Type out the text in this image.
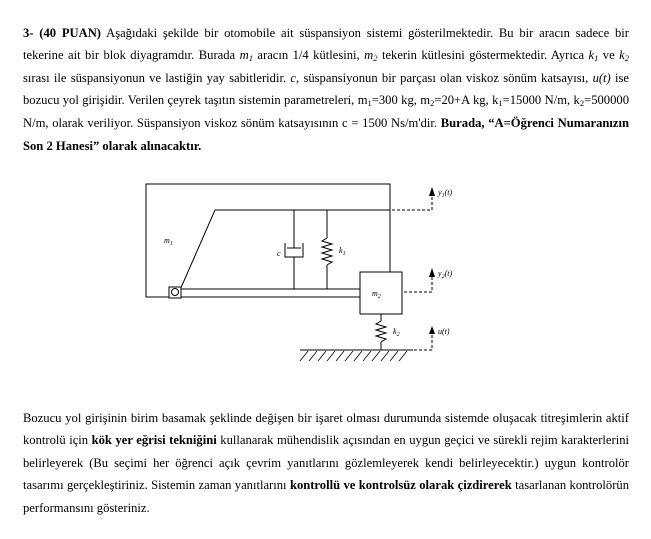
3- (40 PUAN) Aşağıdaki şekilde bir otomobile ait süspansiyon sistemi gösterilmektedir. Bu bir aracın sadece bir tekerine ait bir blok diyagramdır. Burada $m_1$ aracın 1/4 kütlesini, $m_2$ tekerin kütlesini göstermektedir. Ayrıca $k_1$ ve $k_2$ sırası ile süspansiyonun ve lastiğin yay sabitleridir. c, süspansiyonun bir parçası olan viskoz sönüm katsayısı, u(t) ise bozucu yol girişidir. Verilen çeyrek taşıtın sistemin parametreleri, $m_1=300$ kg, $m_2=20+A$ kg, $k_1=15000$ N/m, $k_2=500000$ N/m, olarak veriliyor. Süspansiyon viskoz sönüm katsayısının c = 1500 Ns/m'dir. Burada, “A=Öğrenci Numaranızın Son 2 Hanesi” olarak alınacaktır.

$m_1$
c	$k_1$
$m_2$
$k_2$
$y_1(t)$
$y_2(t)$
u(t)

Bozucu yol girişinin birim basamak şeklinde değişen bir işaret olması durumunda sistemde oluşacak titreşimlerin aktif kontrolü için kök yer eğrisi tekniğini kullanarak mühendislik açısından en uygun geçici ve sürekli rejim karakterlerini belirleyerek (Bu seçimi her öğrenci açık çevrim yanıtlarını gözlemleyerek kendi belirleyecektir.) uygun kontrolör tasarımı gerçekleştiriniz. Sistemin zaman yanıtlarını kontrollü ve kontrolsüz olarak çizdirerek tasarlanan kontrolörün performansını gösteriniz.
